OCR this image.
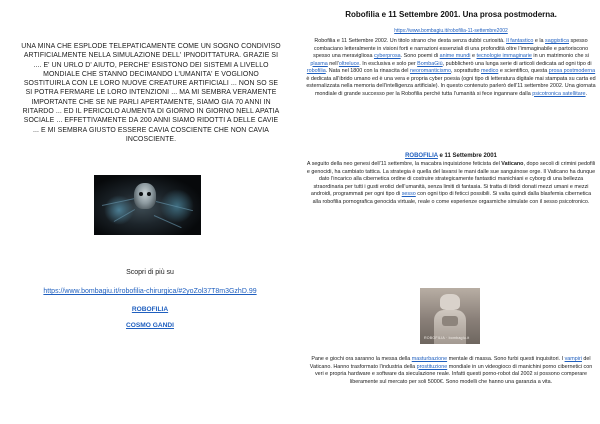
UNA MINA CHE ESPLODE TELEPATICAMENTE COME UN SOGNO CONDIVISO ARTIFICIALMENTE NELLA SIMULAZIONE DELL' IPNODITTATURA. GRAZIE SI .... E' UN URLO D' AIUTO, PERCHE' ESISTONO DEI SISTEMI A LIVELLO MONDIALE CHE STANNO DECIMANDO L'UMANITA' E VOGLIONO SOSTITUIRLA CON LE LORO NUOVE CREATURE ARTIFICIALI ... NON SO SE SI POTRA FERMARE LE LORO INTENZIONI ... MA MI SEMBRA VERAMENTE IMPORTANTE CHE SE NE PARLI APERTAMENTE, SIAMO GIA 70 ANNI IN RITARDO ... ED IL PERICOLO AUMENTA DI GIORNO IN GIORNO NELL APATIA SOCIALE ... EFFETTIVAMENTE DA 200 ANNI SIAMO RIDOTTI A DELLE CAVIE ... E MI SEMBRA GIUSTO ESSERE CAVIA COSCIENTE CHE NON CAVIA INCOSCIENTE.
Scopri di più su
https://www.bombagiu.it/robofilia-chirurgica/#2yoZol37T8m3GzhD.99
ROBOFILIA
COSMO GANDI
Robofilia e 11 Settembre 2001. Una prosa postmoderna.
https://www.bombagiu.it/robofilia-11-settembre2002
Robofilia e 11 Settembre 2002. Un titolo strano che desta senza dubbi curiosità. Il fantastico e la saggistica spesso combaciano letteralmente in visioni forti e narrazioni essenziali di una profondità oltre l’immaginabile e partoriscono spesso una meravigliosa cyberprosa. Sono poemi di anime mundi e tecnologie immaginarie in un matrimonio che si plasma nell’oltreluce. In esclusiva e solo per BombaGiù, pubblicherò una lunga serie di articoli dedicata ad ogni tipo di robofilia. Nata nel 1800 con la rinascita del neoromanticismo, soprattutto medico e scientifico, questa prosa postmoderna è dedicata all’ibrido umano ed è una vera e propria cyber poesia (ogni tipo di letteratura digitale mai stampata su carta ed esternalizzata nella memoria dell’intelligenza artificiale). In questo contenuto parlerò dell’11 settembre 2002. Una giornata mondiale di grande successo per la Robofilia perché tutta l’umanità si fece ingannare dalla psicotronica satellitare.
ROBOFILIA e 11 Settembre 2001
A seguito della neo genesi dell’11 settembre, la macabra inquisizione feticista del Vaticano, dopo secoli di crimini pedofili e genocidi, ha cambiato tattica. La strategia è quella del lavarsi le mani dalle sue sanguinose orge. Il Vaticano ha dunque dato l’incarico alla cibernetica ordine di costruire strategicamente fantastici manichiani e cyborg di una bellezza straordinaria per tutti i gusti erotici dell’umanità, senza limiti di fantasia. Si tratta di ibridi donati mezzi umani e mezzi androidi, programmati per ogni tipo di sesso con ogni tipo di feticci possibili. Si valta quindi dalla blasfemia cibernetica alla robofilia pornografica genocida virtuale, reale o come esperienze orgasmiche simulate con il sesso psicotronico.
ROBOFILIA · bombagiu.it
Pane e giochi ora saranno la messa della masturbazione mentale di massa. Sono furbi questi inquisitori. I vampiri del Vaticano. Hanno trasformato l’industria della prostituzione mondiale in un videogioco di manichini porno cibernetici con veri e propria hardware e software da sieculazione reale. Infatti questi porno-robot dal 2002 si possono comperare liberamente sul mercato per soli 5000€. Sono modelli che hanno una garanzia a vita.
